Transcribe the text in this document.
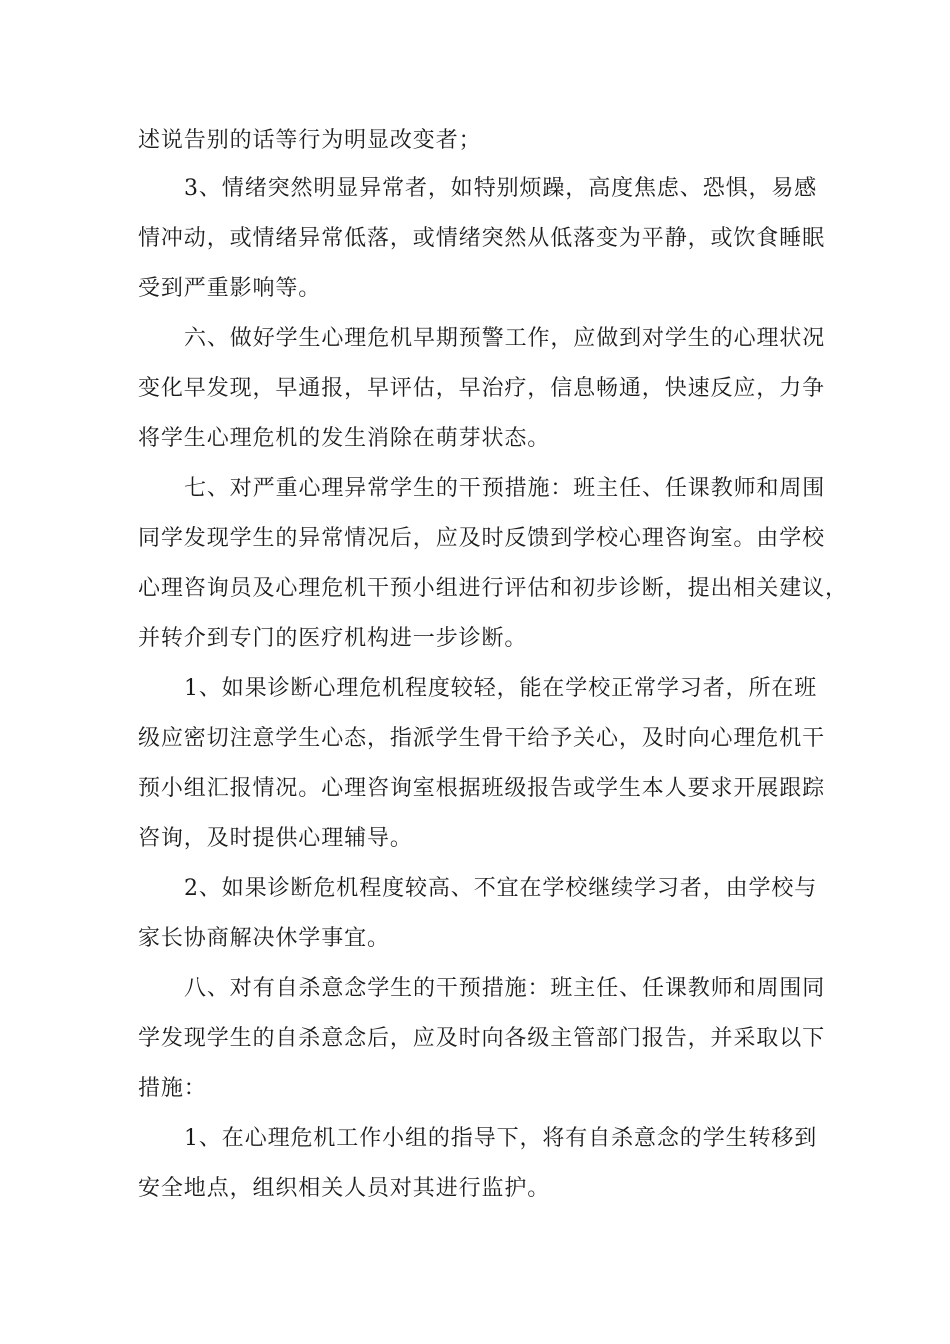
述说告别的话等行为明显改变者；
3、情绪突然明显异常者，如特别烦躁，高度焦虑、恐惧，易感
情冲动，或情绪异常低落，或情绪突然从低落变为平静，或饮食睡眠
受到严重影响等。
六、做好学生心理危机早期预警工作，应做到对学生的心理状况
变化早发现，早通报，早评估，早治疗，信息畅通，快速反应，力争
将学生心理危机的发生消除在萌芽状态。
七、对严重心理异常学生的干预措施：班主任、任课教师和周围
同学发现学生的异常情况后，应及时反馈到学校心理咨询室。由学校
心理咨询员及心理危机干预小组进行评估和初步诊断，提出相关建议，
并转介到专门的医疗机构进一步诊断。
1、如果诊断心理危机程度较轻，能在学校正常学习者，所在班
级应密切注意学生心态，指派学生骨干给予关心，及时向心理危机干
预小组汇报情况。心理咨询室根据班级报告或学生本人要求开展跟踪
咨询，及时提供心理辅导。
2、如果诊断危机程度较高、不宜在学校继续学习者，由学校与
家长协商解决休学事宜。
八、对有自杀意念学生的干预措施：班主任、任课教师和周围同
学发现学生的自杀意念后，应及时向各级主管部门报告，并采取以下
措施：
1、在心理危机工作小组的指导下，将有自杀意念的学生转移到
安全地点，组织相关人员对其进行监护。
